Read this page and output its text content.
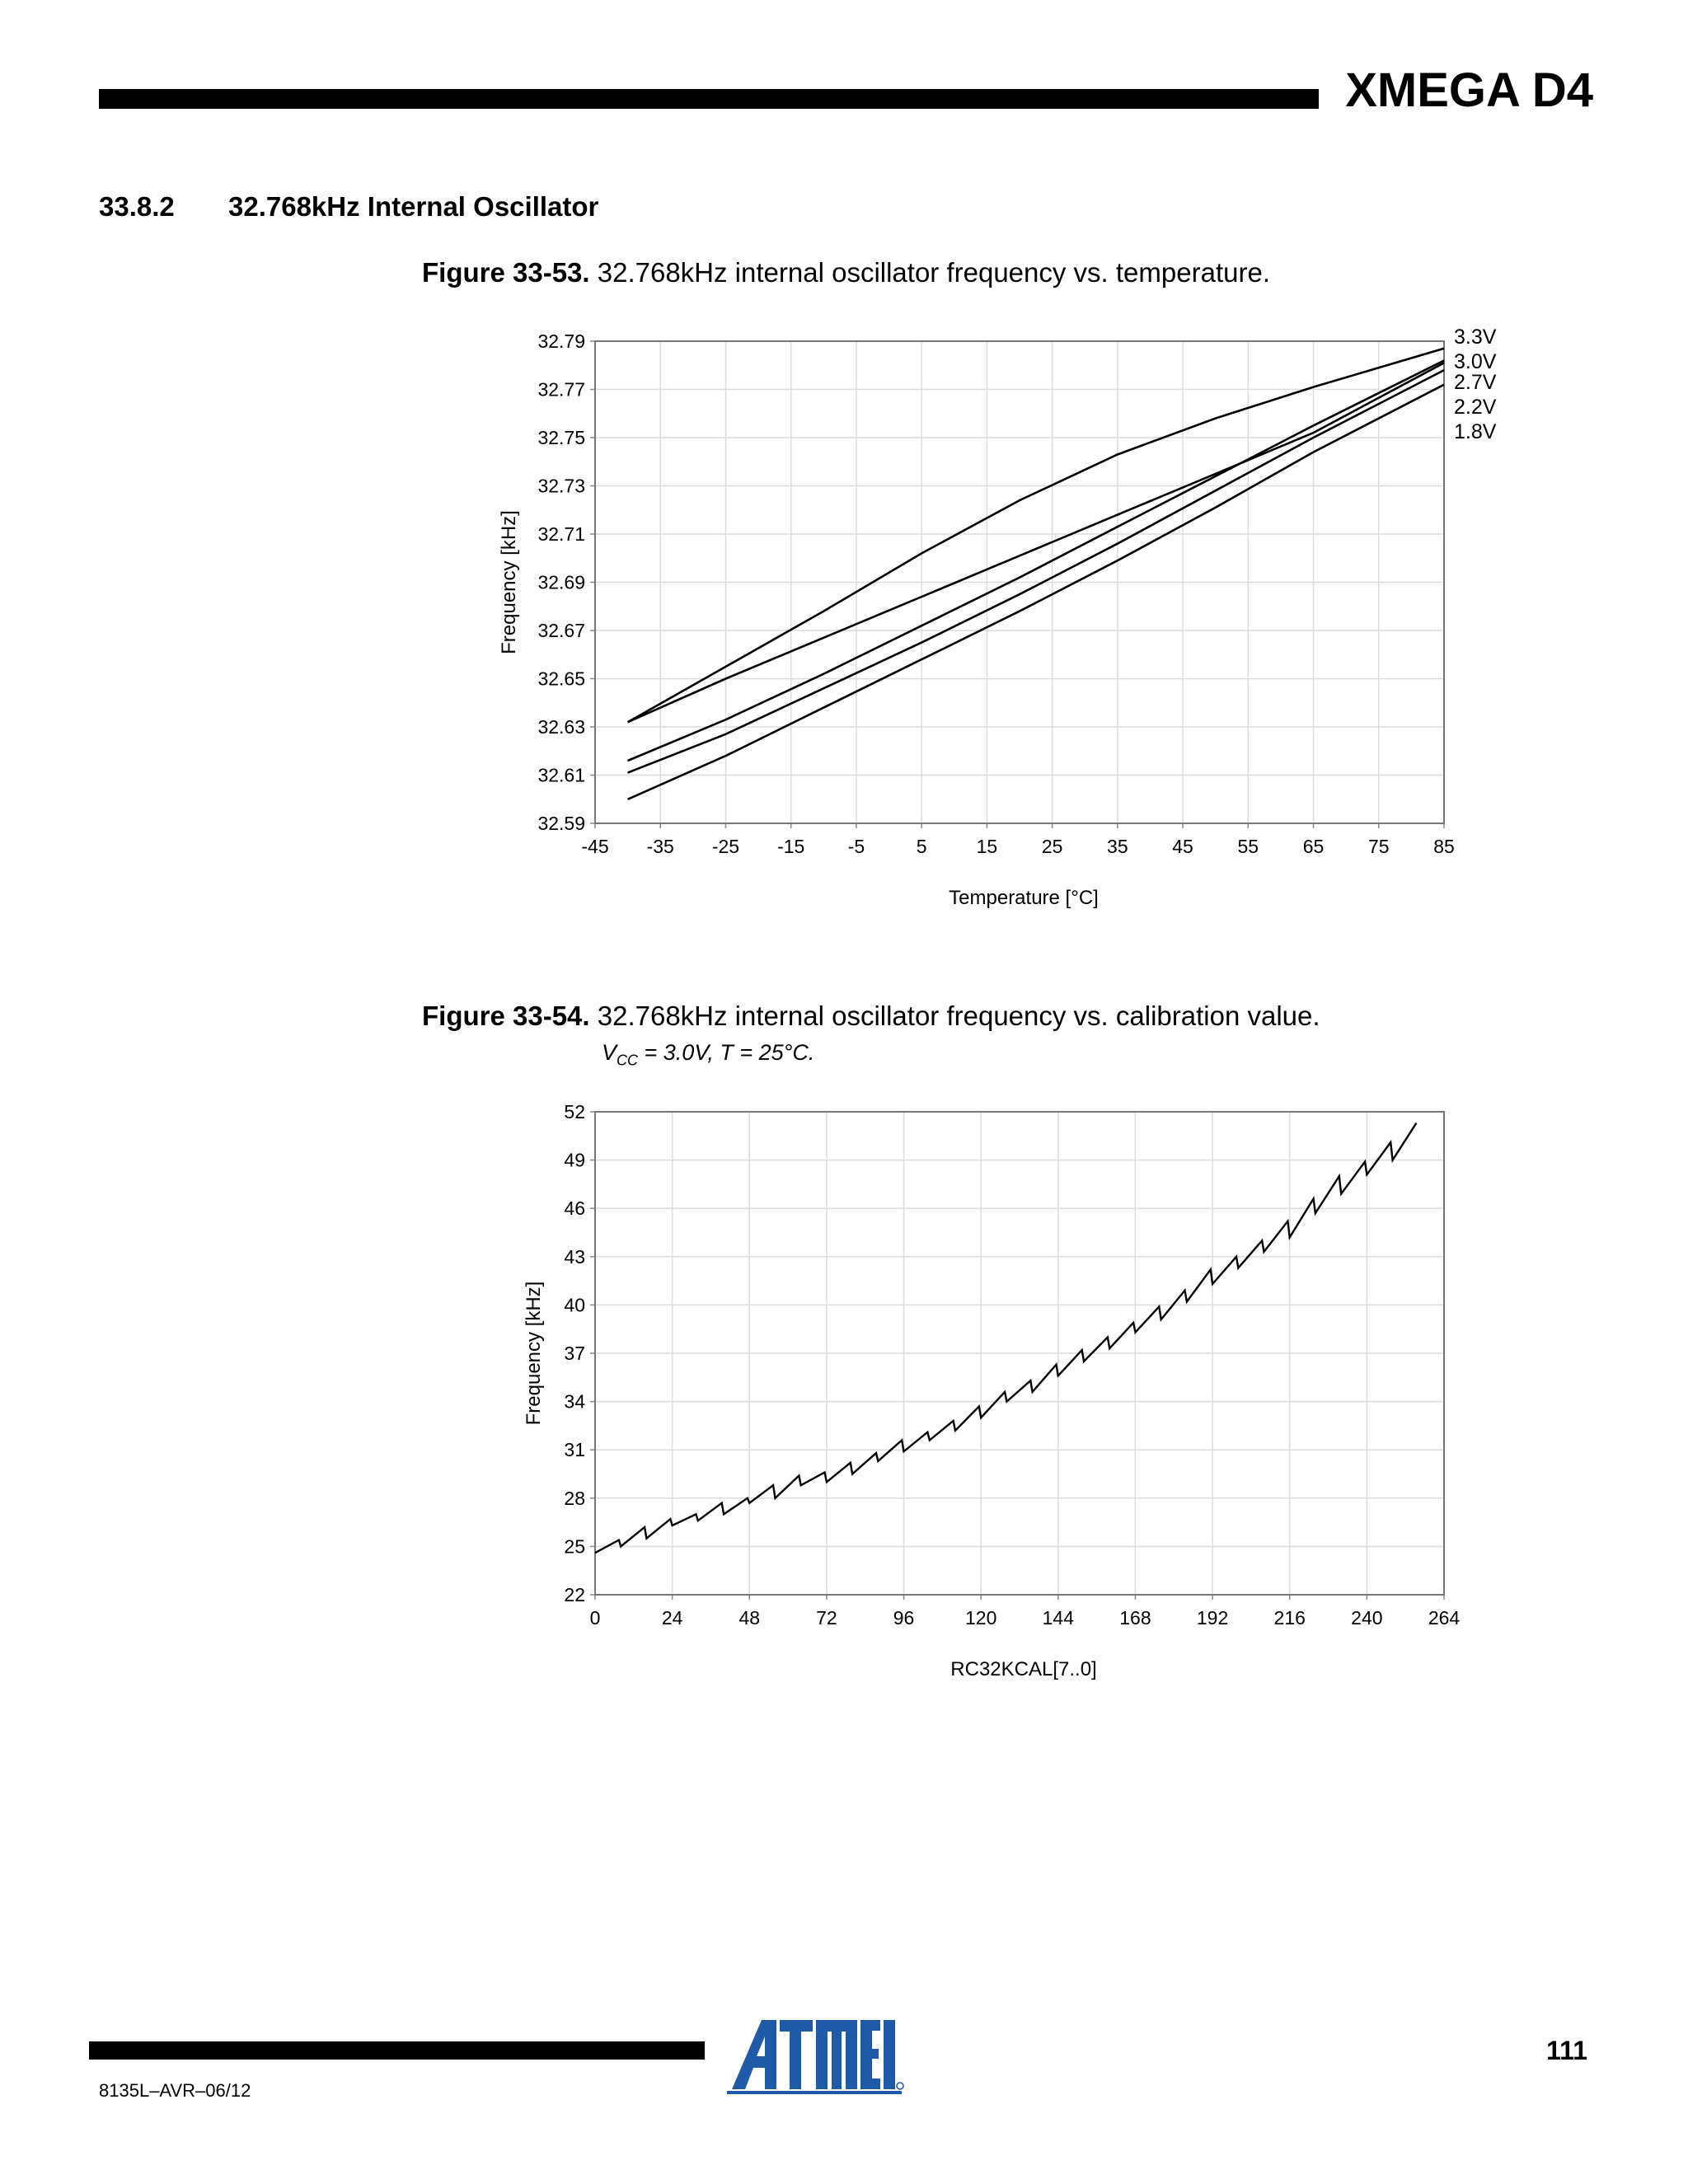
XMEGA D4
33.8.2 32.768kHz Internal Oscillator
Figure 33-53. 32.768kHz internal oscillator frequency vs. temperature.
-45 -35 -25 -15 -5	5	15 25 35 45 55 65 75 85
32.79
32.77
32.75
32.73
32.71
32.69
32.67
32.65
32.63
32.61
32.59
Temperature [°C]
Frequency [kHz]
3.3V
3.0V
2.7V
2.2V
1.8V
Figure 33-54. 32.768kHz internal oscillator frequency vs. calibration value.
$V_{CC} = 3.0V$, T = 25°C.
0	24	48	72	96	120 144 168 192 216 240 264
52
49
46
43
40
37
34
31
28
25
22
RC32KCAL[7..0]
Frequency [kHz]
8135L–AVR–06/12
111
